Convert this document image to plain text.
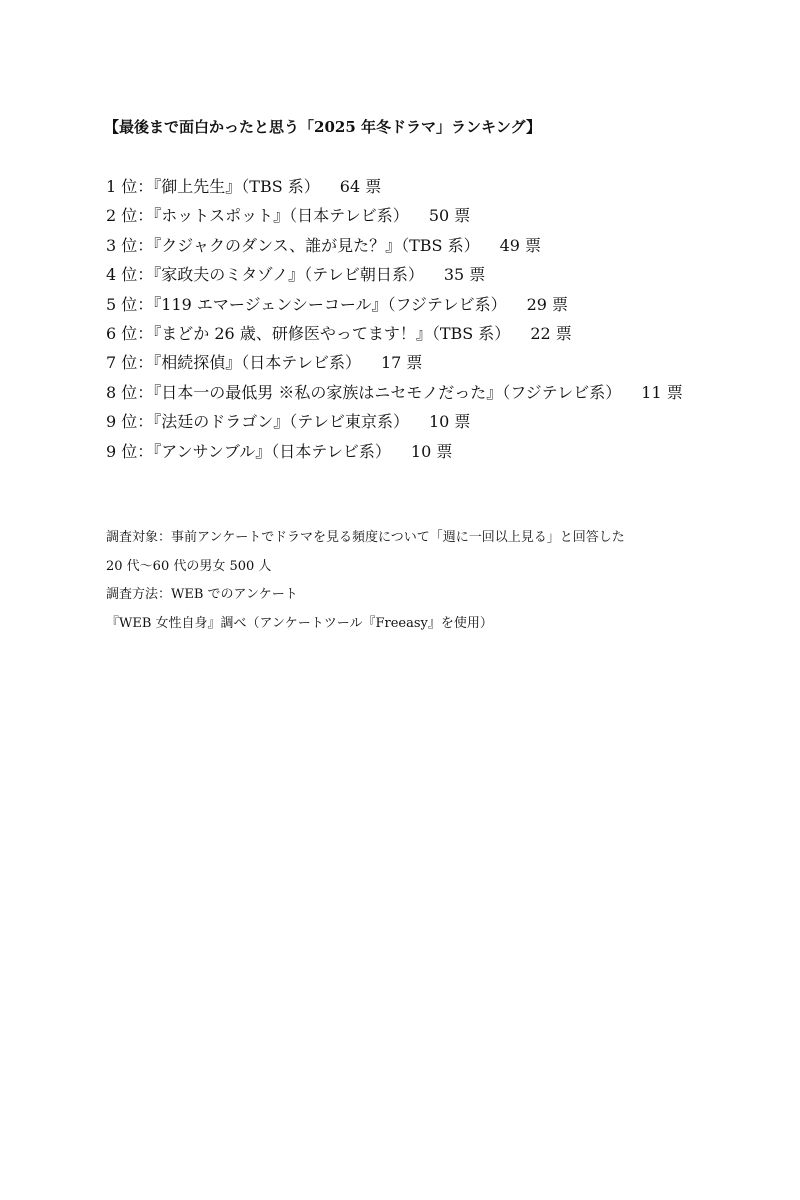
【最後まで面白かったと思う「2025 年冬ドラマ」ランキング】
1 位：『御上先生』（TBS 系） 64 票
2 位：『ホットスポット』（日本テレビ系） 50 票
3 位：『クジャクのダンス、誰が見た？』（TBS 系） 49 票
4 位：『家政夫のミタゾノ』（テレビ朝日系） 35 票
5 位：『119 エマージェンシーコール』（フジテレビ系） 29 票
6 位：『まどか 26 歳、研修医やってます！』（TBS 系） 22 票
7 位：『相続探偵』（日本テレビ系） 17 票
8 位：『日本一の最低男 ※私の家族はニセモノだった』（フジテレビ系） 11 票
9 位：『法廷のドラゴン』（テレビ東京系） 10 票
9 位：『アンサンブル』（日本テレビ系） 10 票
調査対象：事前アンケートでドラマを見る頻度について「週に一回以上見る」と回答した
20 代〜60 代の男女 500 人
調査方法：WEB でのアンケート
『WEB 女性自身』調べ（アンケートツール『Freeasy』を使用）
